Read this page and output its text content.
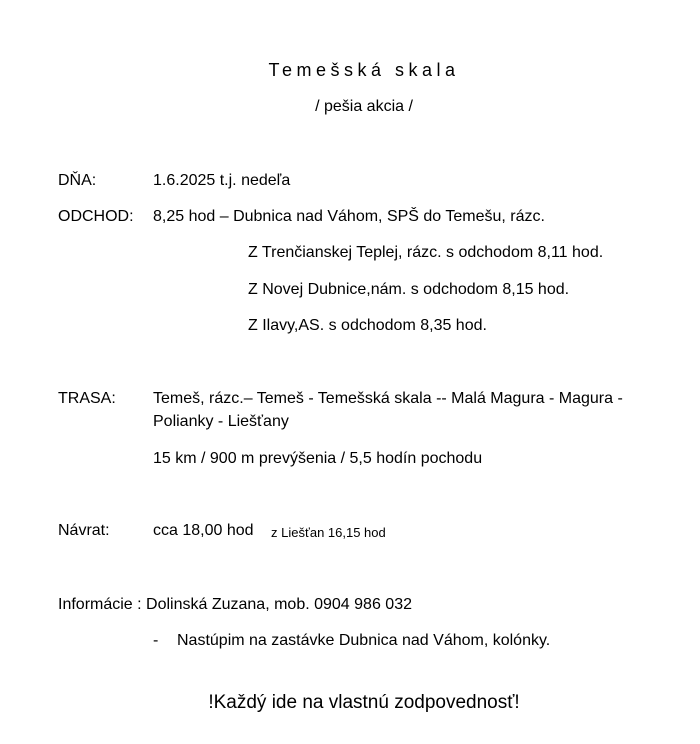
Temešská skala
/ pešia akcia /
DŇA:	1.6.2025 t.j. nedeľa
ODCHOD: 8,25 hod – Dubnica nad Váhom, SPŠ do Temešu, rázc.
Z Trenčianskej Teplej, rázc. s odchodom 8,11 hod.
Z Novej Dubnice,nám. s odchodom 8,15 hod.
Z Ilavy,AS. s odchodom 8,35 hod.
TRASA: Temeš, rázc.– Temeš - Temešská skala -- Malá Magura - Magura -
Polianky - Liešťany
15 km / 900 m prevýšenia / 5,5 hodín pochodu
Návrat:	cca 18,00 hod z Liešťan 16,15 hod
Informácie : Dolinská Zuzana, mob. 0904 986 032
- Nastúpim na zastávke Dubnica nad Váhom, kolónky.
!Každý ide na vlastnú zodpovednosť!
